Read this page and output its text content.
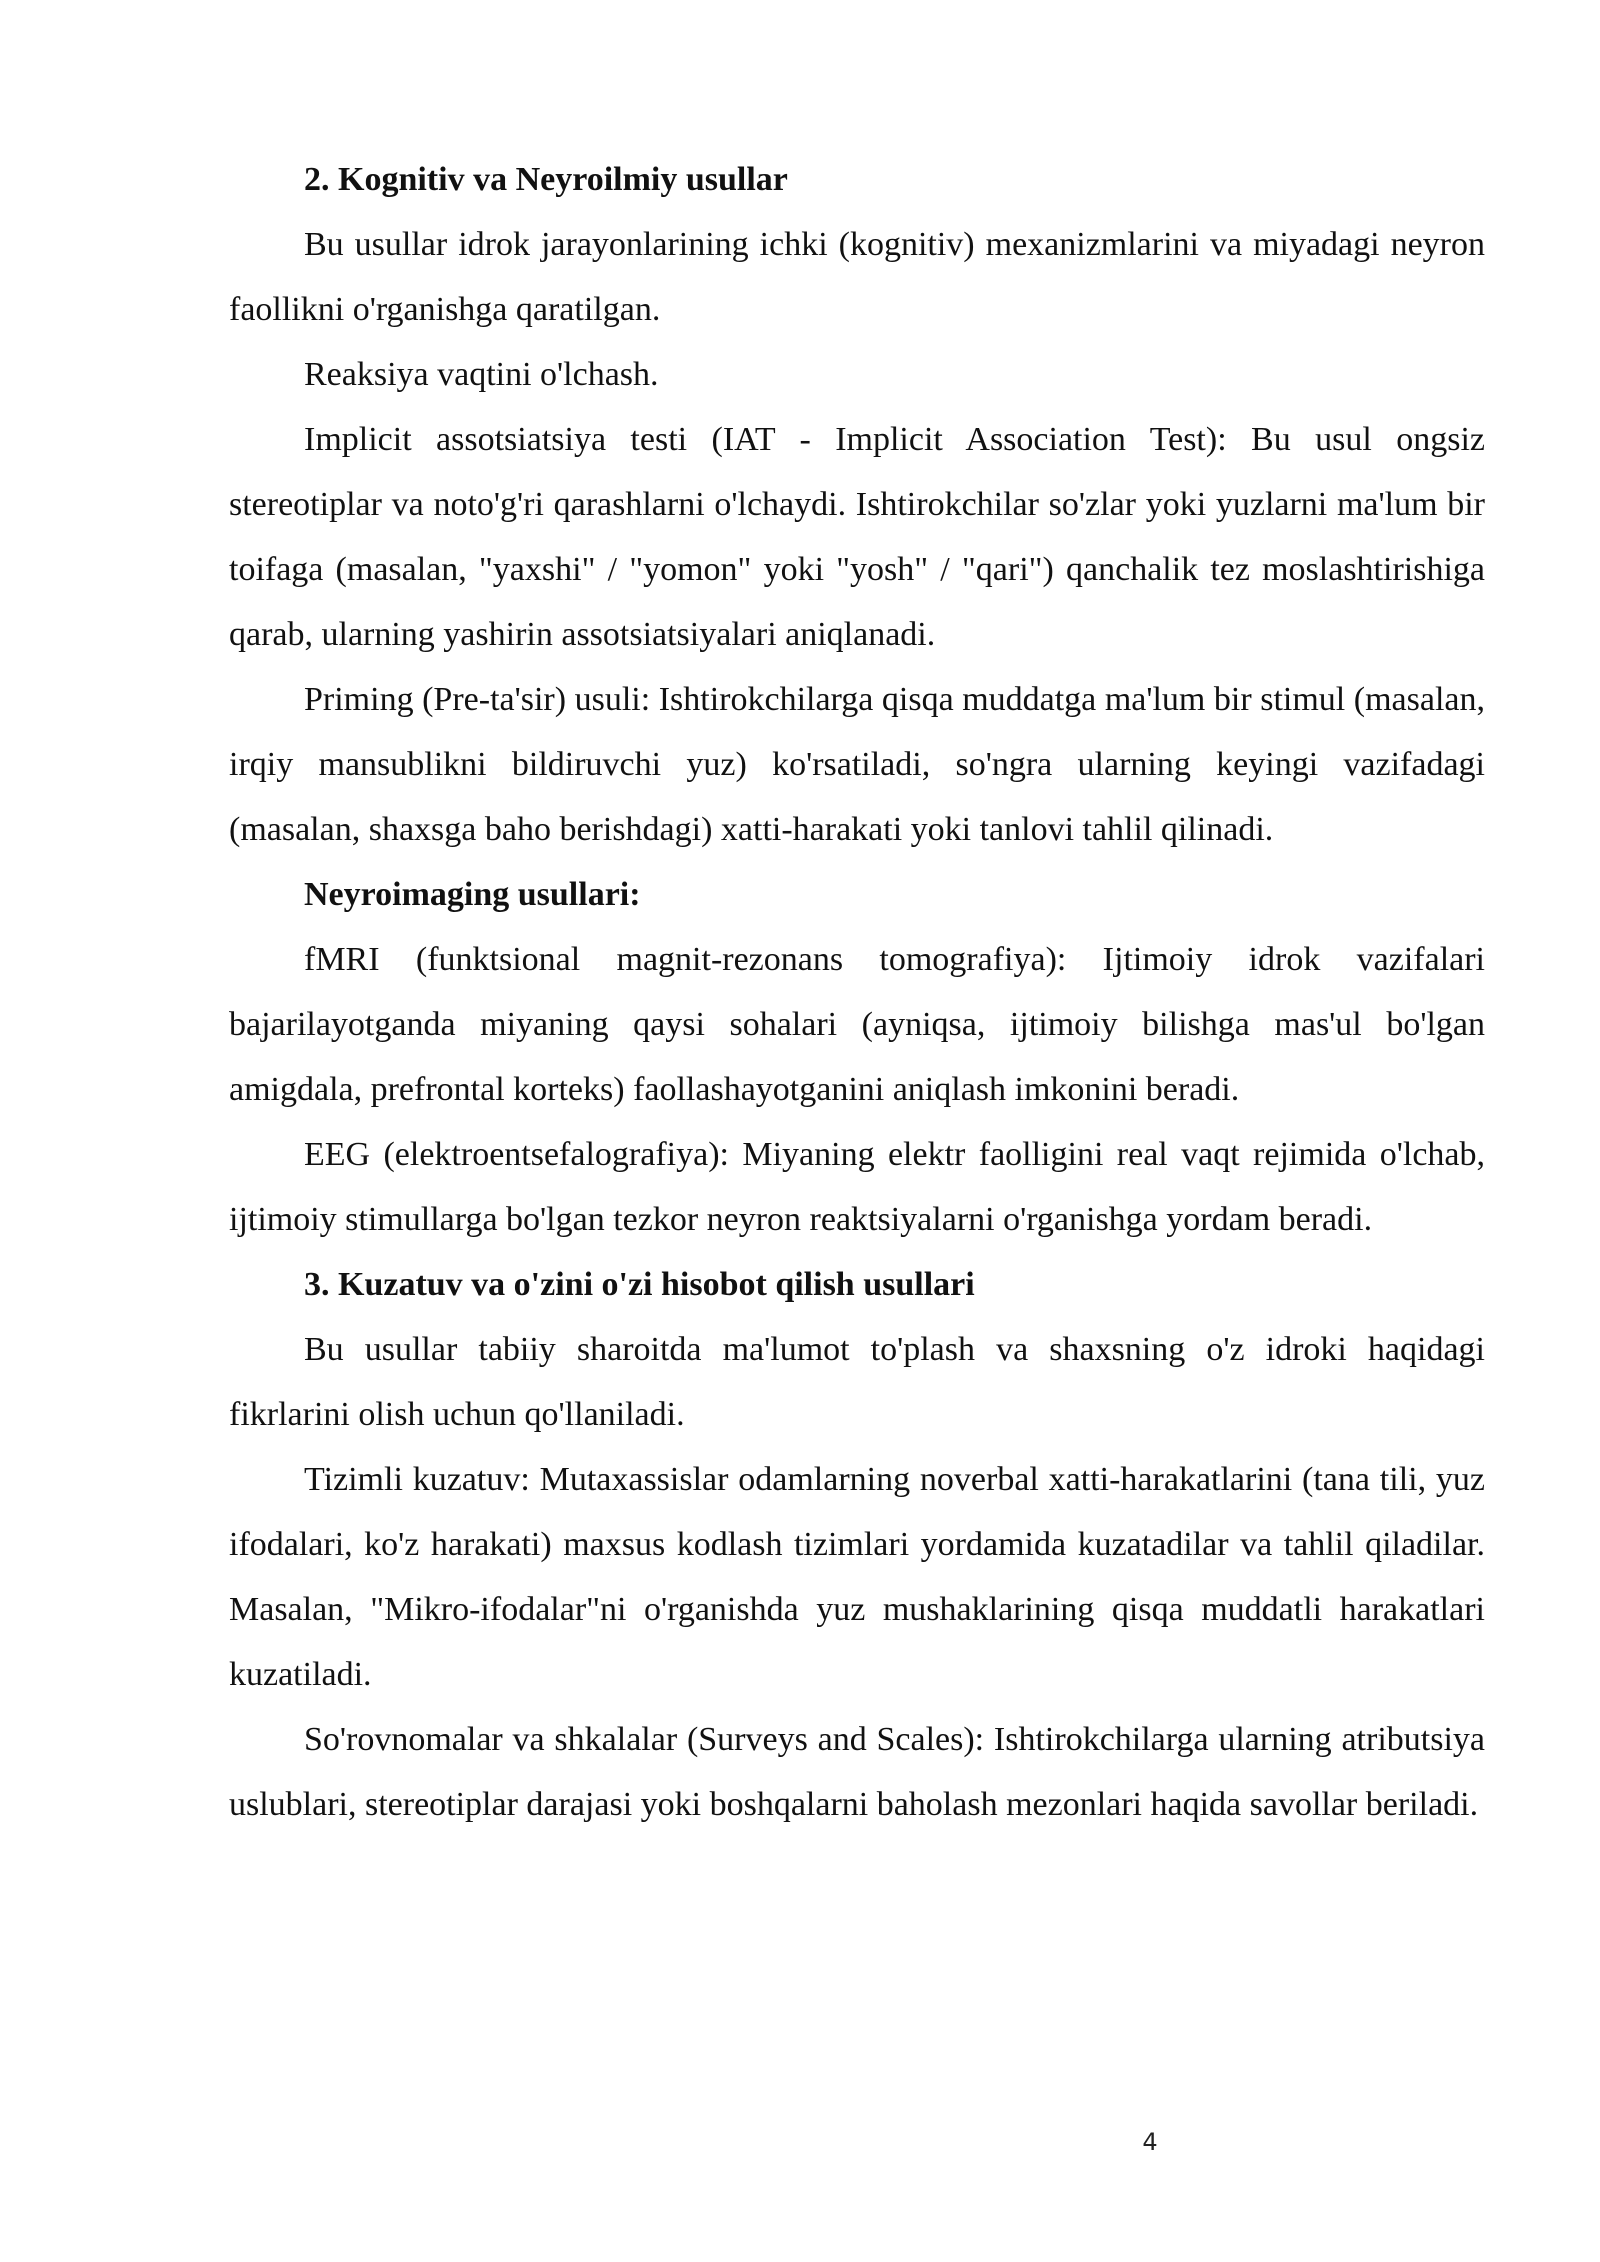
2. Kognitiv va Neyroilmiy usullar

Bu usullar idrok jarayonlarining ichki (kognitiv) mexanizmlarini va miyadagi neyron faollikni o'rganishga qaratilgan.

Reaksiya vaqtini o'lchash.

Implicit assotsiatsiya testi (IAT - Implicit Association Test): Bu usul ongsiz stereotiplar va noto'g'ri qarashlarni o'lchaydi. Ishtirokchilar so'zlar yoki yuzlarni ma'lum bir toifaga (masalan, "yaxshi" / "yomon" yoki "yosh" / "qari") qanchalik tez moslashtirishiga qarab, ularning yashirin assotsiatsiyalari aniqlanadi.

Priming (Pre-ta'sir) usuli: Ishtirokchilarga qisqa muddatga ma'lum bir stimul (masalan, irqiy mansublikni bildiruvchi yuz) ko'rsatiladi, so'ngra ularning keyingi vazifadagi (masalan, shaxsga baho berishdagi) xatti-harakati yoki tanlovi tahlil qilinadi.

Neyroimaging usullari:

fMRI (funktsional magnit-rezonans tomografiya): Ijtimoiy idrok vazifalari bajarilayotganda miyaning qaysi sohalari (ayniqsa, ijtimoiy bilishga mas'ul bo'lgan amigdala, prefrontal korteks) faollashayotganini aniqlash imkonini beradi.

EEG (elektroentsefalografiya): Miyaning elektr faolligini real vaqt rejimida o'lchab, ijtimoiy stimullarga bo'lgan tezkor neyron reaktsiyalarni o'rganishga yordam beradi.

3. Kuzatuv va o'zini o'zi hisobot qilish usullari

Bu usullar tabiiy sharoitda ma'lumot to'plash va shaxsning o'z idroki haqidagi fikrlarini olish uchun qo'llaniladi.

Tizimli kuzatuv: Mutaxassislar odamlarning noverbal xatti-harakatlarini (tana tili, yuz ifodalari, ko'z harakati) maxsus kodlash tizimlari yordamida kuzatadilar va tahlil qiladilar. Masalan, "Mikro-ifodalar"ni o'rganishda yuz mushaklarining qisqa muddatli harakatlari kuzatiladi.

So'rovnomalar va shkalalar (Surveys and Scales): Ishtirokchilarga ularning atributsiya uslublari, stereotiplar darajasi yoki boshqalarni baholash mezonlari haqida savollar beriladi.

4
